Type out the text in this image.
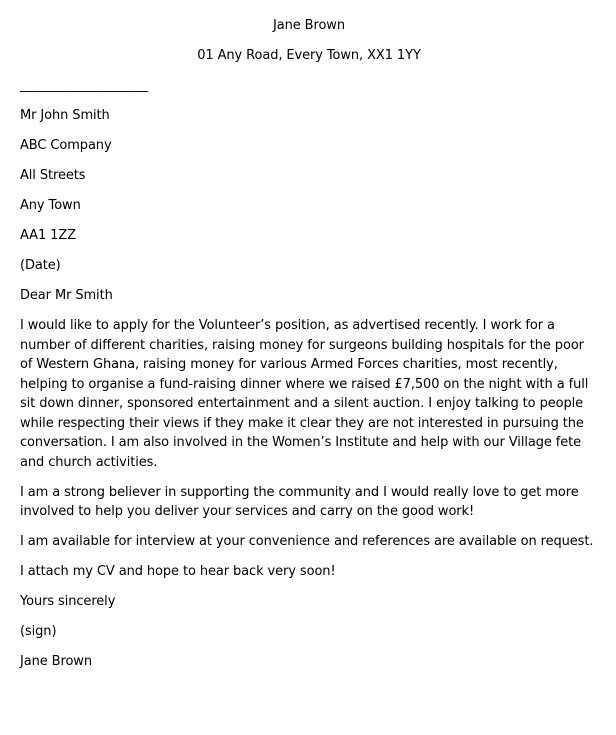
Jane Brown

01 Any Road, Every Town, XX1 1YY

____________________

Mr John Smith

ABC Company

All Streets

Any Town

AA1 1ZZ

(Date)

Dear Mr Smith

I would like to apply for the Volunteer’s position, as advertised recently. I work for a number of different charities, raising money for surgeons building hospitals for the poor of Western Ghana, raising money for various Armed Forces charities, most recently, helping to organise a fund-raising dinner where we raised £7,500 on the night with a full sit down dinner, sponsored entertainment and a silent auction. I enjoy talking to people while respecting their views if they make it clear they are not interested in pursuing the conversation. I am also involved in the Women’s Institute and help with our Village fete and church activities.

I am a strong believer in supporting the community and I would really love to get more involved to help you deliver your services and carry on the good work!

I am available for interview at your convenience and references are available on request.

I attach my CV and hope to hear back very soon!

Yours sincerely

(sign)

Jane Brown
